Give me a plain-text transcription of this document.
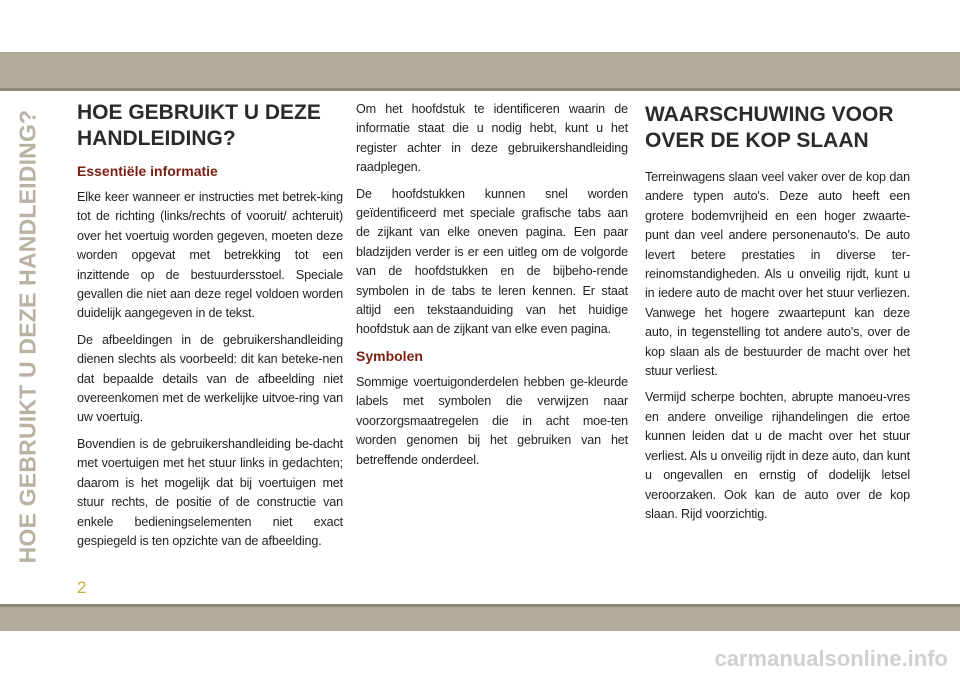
HOE GEBRUIKT U DEZE HANDLEIDING? HOE GEBRUIKT U DEZE HANDLEIDING?
Essentiële informatie

Elke keer wanneer er instructies met betrek-king tot de richting (links/rechts of vooruit/ achteruit) over het voertuig worden gegeven, moeten deze worden opgevat met betrekking tot een inzittende op de bestuurdersstoel. Speciale gevallen die niet aan deze regel voldoen worden duidelijk aangegeven in de tekst.

De afbeeldingen in de gebruikershandleiding dienen slechts als voorbeeld: dit kan beteke-nen dat bepaalde details van de afbeelding niet overeenkomen met de werkelijke uitvoe-ring van uw voertuig.

Bovendien is de gebruikershandleiding be-dacht met voertuigen met het stuur links in gedachten; daarom is het mogelijk dat bij voertuigen met stuur rechts, de positie of de constructie van enkele bedieningselementen niet exact gespiegeld is ten opzichte van de afbeelding.

Om het hoofdstuk te identificeren waarin de informatie staat die u nodig hebt, kunt u het register achter in deze gebruikershandleiding raadplegen.

De hoofdstukken kunnen snel worden geïdentificeerd met speciale grafische tabs aan de zijkant van elke oneven pagina. Een paar bladzijden verder is er een uitleg om de volgorde van de hoofdstukken en de bijbeho-rende symbolen in de tabs te leren kennen. Er staat altijd een tekstaanduiding van het huidige hoofdstuk aan de zijkant van elke even pagina.

Symbolen

Sommige voertuigonderdelen hebben ge-kleurde labels met symbolen die verwijzen naar voorzorgsmaatregelen die in acht moe-ten worden genomen bij het gebruiken van het betreffende onderdeel.

WAARSCHUWING VOOR OVER DE KOP SLAAN

Terreinwagens slaan veel vaker over de kop dan andere typen auto's. Deze auto heeft een grotere bodemvrijheid en een hoger zwaarte-punt dan veel andere personenauto's. De auto levert betere prestaties in diverse ter-reinomstandigheden. Als u onveilig rijdt, kunt u in iedere auto de macht over het stuur verliezen. Vanwege het hogere zwaartepunt kan deze auto, in tegenstelling tot andere auto's, over de kop slaan als de bestuurder de macht over het stuur verliest.

Vermijd scherpe bochten, abrupte manoeu-vres en andere onveilige rijhandelingen die ertoe kunnen leiden dat u de macht over het stuur verliest. Als u onveilig rijdt in deze auto, dan kunt u ongevallen en ernstig of dodelijk letsel veroorzaken. Ook kan de auto over de kop slaan. Rijd voorzichtig.

2
carmanualsonline.info
